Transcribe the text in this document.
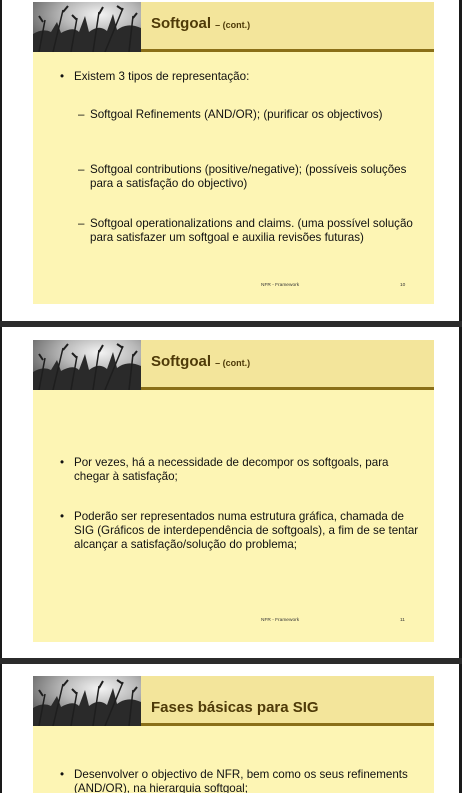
Softgoal – (cont.)
• Existem 3 tipos de representação:
– Softgoal Refinements (AND/OR); (purificar os objectivos)
– Softgoal contributions (positive/negative); (possíveis soluções para a satisfação do objectivo)
– Softgoal operationalizations and claims. (uma possível solução para satisfazer um softgoal e auxilia revisões futuras)
NFR - Framework	10
Softgoal – (cont.)
• Por vezes, há a necessidade de decompor os softgoals, para chegar à satisfação;
• Poderão ser representados numa estrutura gráfica, chamada de SIG (Gráficos de interdependência de softgoals), a fim de se tentar alcançar a satisfação/solução do problema;
NFR - Framework	11
Fases básicas para SIG
• Desenvolver o objectivo de NFR, bem como os seus refinements (AND/OR), na hierarquia softgoal;
